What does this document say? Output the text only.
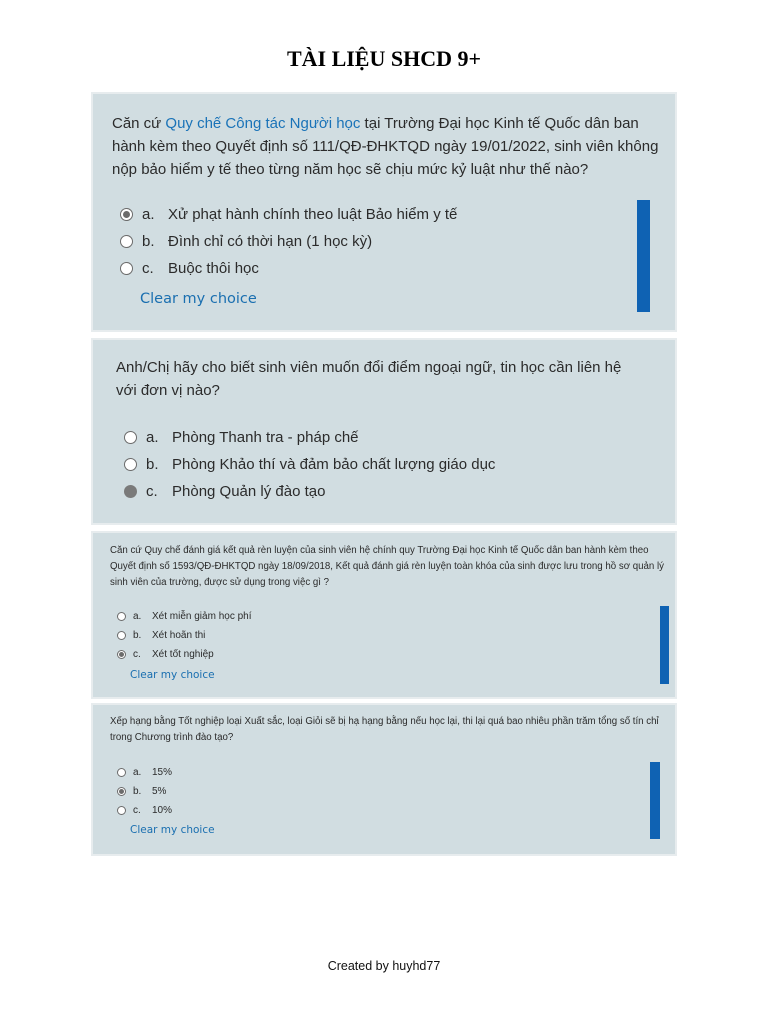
TÀI LIỆU SHCD 9+
Căn cứ Quy chế Công tác Người học tại Trường Đại học Kinh tế Quốc dân ban hành kèm theo Quyết định số 111/QĐ-ĐHKTQD ngày 19/01/2022, sinh viên không nộp bảo hiểm y tế theo từng năm học sẽ chịu mức kỷ luật như thế nào?
a. Xử phạt hành chính theo luật Bảo hiểm y tế
b. Đình chỉ có thời hạn (1 học kỳ)
c. Buộc thôi học
Clear my choice
Anh/Chị hãy cho biết sinh viên muốn đổi điểm ngoại ngữ, tin học cần liên hệ với đơn vị nào?
a. Phòng Thanh tra - pháp chế
b. Phòng Khảo thí và đảm bảo chất lượng giáo dục
c. Phòng Quản lý đào tạo
Căn cứ Quy chế đánh giá kết quả rèn luyện của sinh viên hệ chính quy Trường Đại học Kinh tế Quốc dân ban hành kèm theo Quyết định số 1593/QĐ-ĐHKTQD ngày 18/09/2018, Kết quả đánh giá rèn luyện toàn khóa của sinh được lưu trong hồ sơ quản lý sinh viên của trường, được sử dụng trong việc gì ?
a.	Xét miễn giảm học phí
b.	Xét hoãn thi
c.	Xét tốt nghiệp
Clear my choice
Xếp hạng bằng Tốt nghiệp loại Xuất sắc, loại Giỏi sẽ bị hạ hạng bằng nếu học lại, thi lại quá bao nhiêu phần trăm tổng số tín chỉ trong Chương trình đào tạo?
a.	15%
b.	5%
c.	10%
Clear my choice
Created by huyhd77
